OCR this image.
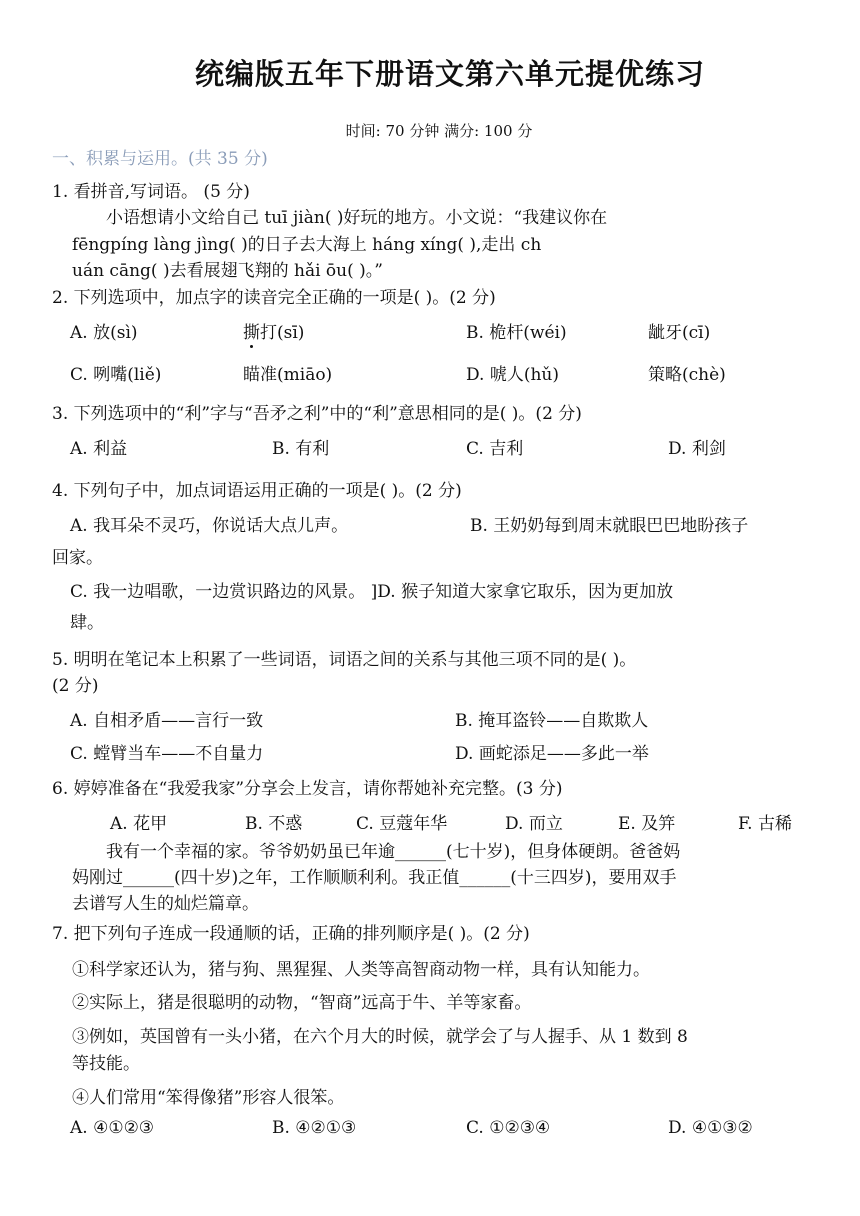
统编版五年下册语文第六单元提优练习
时间: 70 分钟 满分: 100 分
一、积累与运用。(共 35 分)
1. 看拼音,写词语。 (5 分)
小语想请小文给自己 tuī jiàn( )好玩的地方。小文说：“我建议你在
fēngpíng làng jìng( )的日子去大海上 háng xíng( ),走出 ch
uán cāng( )去看展翅飞翔的 hǎi ōu( )。”
2. 下列选项中，加点字的读音完全正确的一项是( )。(2 分)
A. 放(sì)	撕打(sī)	B. 桅杆(wéi)	龇牙(cī)
C. 咧嘴(liě)	瞄准(miāo)	D. 唬人(hǔ)	策略(chè)
3. 下列选项中的“利”字与“吾矛之利”中的“利”意思相同的是( )。(2 分)
A. 利益	B. 有利	C. 吉利	D. 利剑
4. 下列句子中，加点词语运用正确的一项是( )。(2 分)
A. 我耳朵不灵巧，你说话大点儿声。	B. 王奶奶每到周末就眼巴巴地盼孩子
回家。
C. 我一边唱歌，一边赏识路边的风景。 ]D. 猴子知道大家拿它取乐，因为更加放
肆。
5. 明明在笔记本上积累了一些词语，词语之间的关系与其他三项不同的是( )。
(2 分)
A. 自相矛盾——言行一致	B. 掩耳盗铃——自欺欺人
C. 螳臂当车——不自量力	D. 画蛇添足——多此一举
6. 婷婷准备在“我爱我家”分享会上发言，请你帮她补充完整。(3 分)
A. 花甲	B. 不惑	C. 豆蔻年华	D. 而立	E. 及笄	F. 古稀
我有一个幸福的家。爷爷奶奶虽已年逾______(七十岁)，但身体硬朗。爸爸妈
妈刚过______(四十岁)之年，工作顺顺利利。我正值______(十三四岁)，要用双手
去谱写人生的灿烂篇章。
7. 把下列句子连成一段通顺的话，正确的排列顺序是( )。(2 分)
①科学家还认为，猪与狗、黑猩猩、人类等高智商动物一样，具有认知能力。
②实际上，猪是很聪明的动物，“智商”远高于牛、羊等家畜。
③例如，英国曾有一头小猪，在六个月大的时候，就学会了与人握手、从 1 数到 8
等技能。
④人们常用“笨得像猪”形容人很笨。
A. ④①②③	B. ④②①③	C. ①②③④	D. ④①③②
